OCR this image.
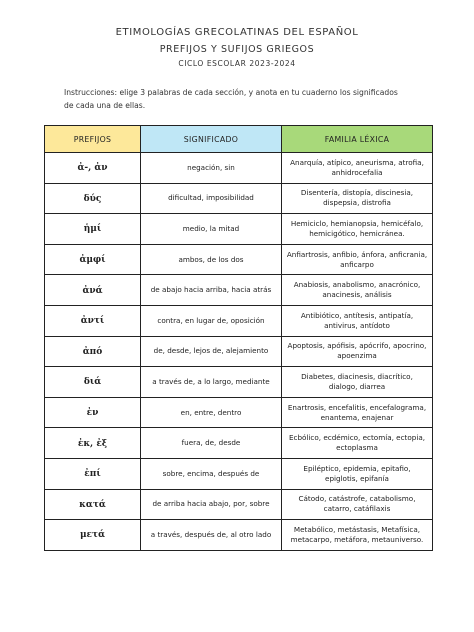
ETIMOLOGÍAS GRECOLATINAS DEL ESPAÑOL
PREFIJOS Y SUFIJOS GRIEGOS
CICLO ESCOLAR 2023-2024
Instrucciones: elige 3 palabras de cada sección, y anota en tu cuaderno los significados de cada una de ellas.
PREFIJOS	SIGNIFICADO	FAMILIA LÉXICA
ἀ-, ἀν	negación, sin	Anarquía, atípico, aneurisma, atrofia, anhidrocefalia
δύς	dificultad, imposibilidad	Disentería, distopía, discinesia, dispepsia, distrofia
ἡμί	medio, la mitad	Hemiciclo, hemianopsia, hemicéfalo, hemicigótico, hemicránea.
ἀμφί	ambos, de los dos	Anfiartrosis, anfibio, ánfora, anficrania, anficarpo
ἀνά	de abajo hacia arriba, hacia atrás	Anabiosis, anabolismo, anacrónico, anacinesis, análisis
ἀντί	contra, en lugar de, oposición	Antibiótico, antítesis, antipatía, antivirus, antídoto
ἀπό	de, desde, lejos de, alejamiento	Apoptosis, apófisis, apócrifo, apocrino, apoenzima
διά	a través de, a lo largo, mediante	Diabetes, diacinesis, diacrítico, dialogo, diarrea
ἐν	en, entre, dentro	Enartrosis, encefalitis, encefalograma, enantema, enajenar
ἐκ, ἐξ	fuera, de, desde	Ecbólico, ecdémico, ectomía, ectopia, ectoplasma
ἐπί	sobre, encima, después de	Epiléptico, epidemia, epitafio, epiglotis, epifanía
κατά	de arriba hacia abajo, por, sobre	Cátodo, catástrofe, catabolismo, catarro, catáfilaxis
μετά	a través, después de, al otro lado	Metabólico, metástasis, Metafísica, metacarpo, metáfora, metauniverso.
